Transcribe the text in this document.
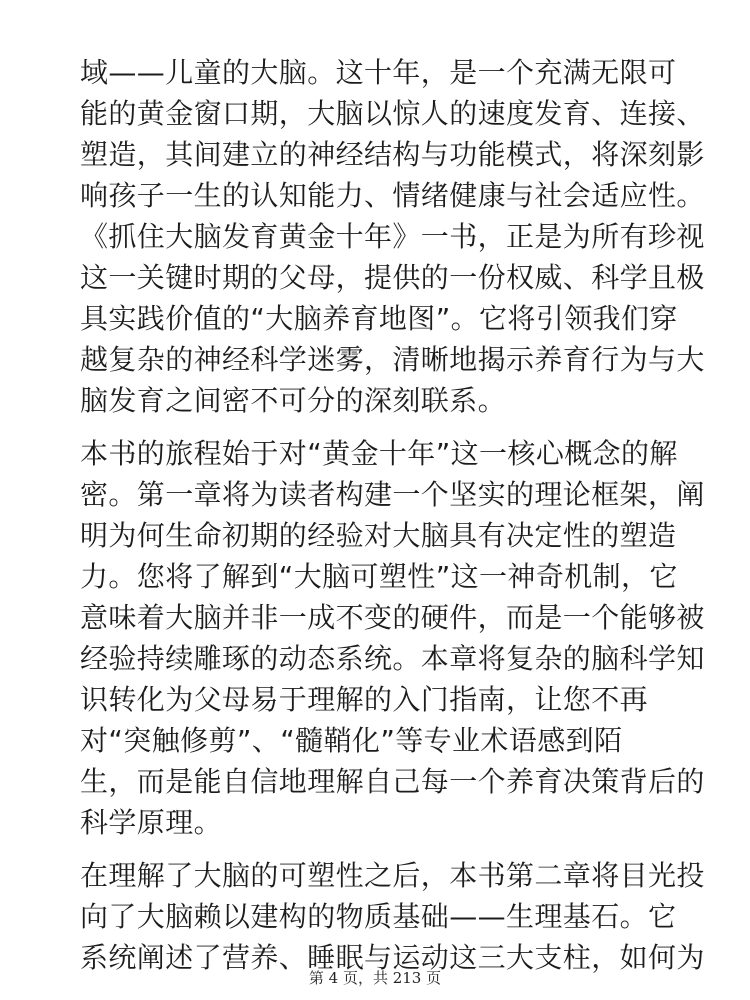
域——儿童的大脑。这十年，是一个充满无限可
能的黄金窗口期，大脑以惊人的速度发育、连接、
塑造，其间建立的神经结构与功能模式，将深刻影
响孩子一生的认知能力、情绪健康与社会适应性。
《抓住大脑发育黄金十年》一书，正是为所有珍视
这一关键时期的父母，提供的一份权威、科学且极
具实践价值的“大脑养育地图”。它将引领我们穿
越复杂的神经科学迷雾，清晰地揭示养育行为与大
脑发育之间密不可分的深刻联系。

本书的旅程始于对“黄金十年”这一核心概念的解
密。第一章将为读者构建一个坚实的理论框架，阐
明为何生命初期的经验对大脑具有决定性的塑造
力。您将了解到“大脑可塑性”这一神奇机制，它
意味着大脑并非一成不变的硬件，而是一个能够被
经验持续雕琢的动态系统。本章将复杂的脑科学知
识转化为父母易于理解的入门指南，让您不再
对“突触修剪”、“髓鞘化”等专业术语感到陌
生，而是能自信地理解自己每一个养育决策背后的
科学原理。

在理解了大脑的可塑性之后，本书第二章将目光投
向了大脑赖以建构的物质基础——生理基石。它
系统阐述了营养、睡眠与运动这三大支柱，如何为

第 4 页，共 213 页
